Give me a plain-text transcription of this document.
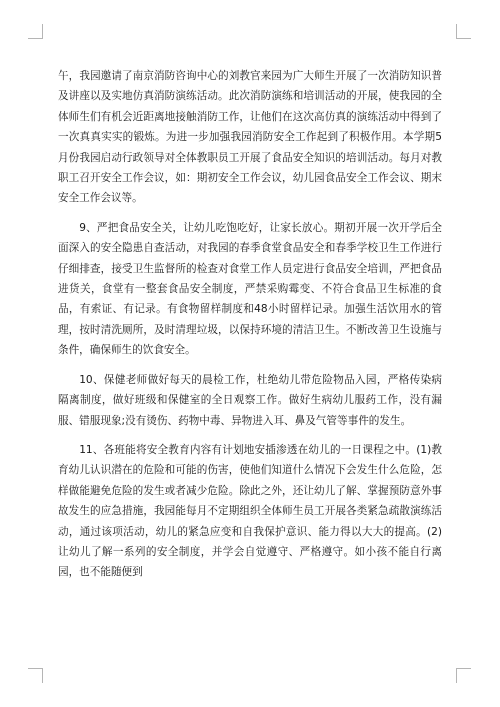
午，我园邀请了南京消防咨询中心的刘教官来园为广大师生开展了一次消防知识普及讲座以及实地仿真消防演练活动。此次消防演练和培训活动的开展，使我园的全体师生们有机会近距离地接触消防工作，让他们在这次高仿真的演练活动中得到了一次真真实实的锻炼。为进一步加强我园消防安全工作起到了积极作用。本学期5月份我园启动行政领导对全体教职员工开展了食品安全知识的培训活动。每月对教职工召开安全工作会议，如：期初安全工作会议，幼儿园食品安全工作会议、期末安全工作会议等。

9、严把食品安全关，让幼儿吃饱吃好，让家长放心。期初开展一次开学后全面深入的安全隐患自查活动，对我园的春季食堂食品安全和春季学校卫生工作进行仔细排查，接受卫生监督所的检查对食堂工作人员定进行食品安全培训，严把食品进货关，食堂有一整套食品安全制度，严禁采购霉变、不符合食品卫生标准的食品，有索证、有记录。有食物留样制度和48小时留样记录。加强生活饮用水的管理，按时清洗厕所，及时清理垃圾，以保持环境的清洁卫生。不断改善卫生设施与条件，确保师生的饮食安全。

10、保健老师做好每天的晨检工作，杜绝幼儿带危险物品入园，严格传染病隔离制度，做好班级和保健室的全日观察工作。做好生病幼儿服药工作，没有漏服、错服现象;没有烫伤、药物中毒、异物进入耳、鼻及气管等事件的发生。

11、各班能将安全教育内容有计划地安插渗透在幼儿的一日课程之中。(1)教育幼儿认识潜在的危险和可能的伤害，使他们知道什么情况下会发生什么危险，怎样做能避免危险的发生或者减少危险。除此之外，还让幼儿了解、掌握预防意外事故发生的应急措施，我园能每月不定期组织全体师生员工开展各类紧急疏散演练活动，通过该项活动，幼儿的紧急应变和自我保护意识、能力得以大大的提高。(2)让幼儿了解一系列的安全制度，并学会自觉遵守、严格遵守。如小孩不能自行离园，也不能随便到
